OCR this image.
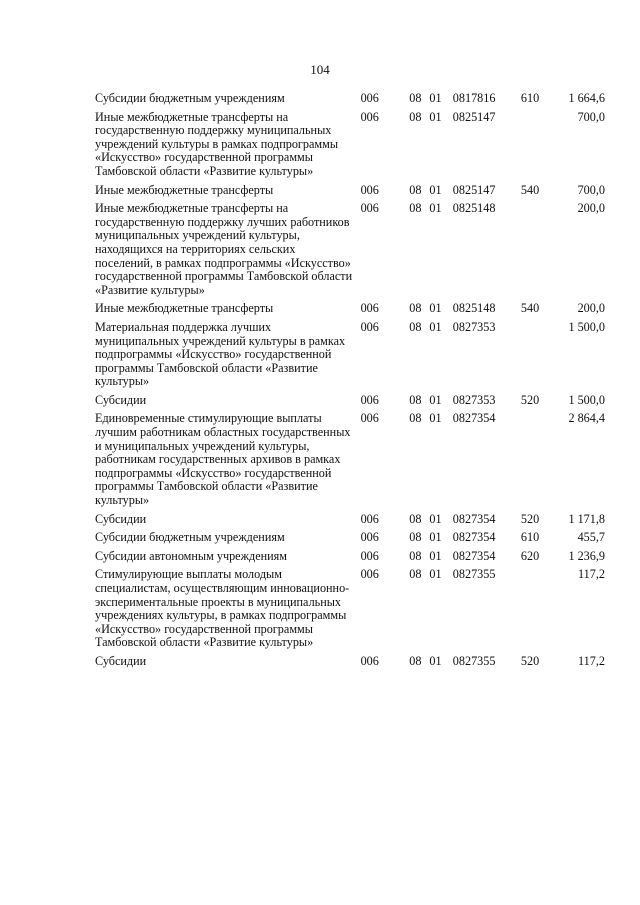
104
Субсидии бюджетным учреждениям	006	08 01	0817816	610	1 664,6
Иные межбюджетные трансферты на государственную поддержку муниципальных учреждений культуры в рамках подпрограммы «Искусство» государственной программы Тамбовской области «Развитие культуры»	006	08 01	0825147		700,0
Иные межбюджетные трансферты	006	08 01	0825147	540	700,0
Иные межбюджетные трансферты на государственную поддержку лучших работников муниципальных учреждений культуры, находящихся на территориях сельских поселений, в рамках подпрограммы «Искусство» государственной программы Тамбовской области «Развитие культуры»	006	08 01	0825148		200,0
Иные межбюджетные трансферты	006	08 01	0825148	540	200,0
Материальная поддержка лучших муниципальных учреждений культуры в рамках подпрограммы «Искусство» государственной программы Тамбовской области «Развитие культуры»	006	08 01	0827353		1 500,0
Субсидии	006	08 01	0827353	520	1 500,0
Единовременные стимулирующие выплаты лучшим работникам областных государственных и муниципальных учреждений культуры, работникам государственных архивов в рамках подпрограммы «Искусство» государственной программы Тамбовской области «Развитие культуры»	006	08 01	0827354		2 864,4
Субсидии	006	08 01	0827354	520	1 171,8
Субсидии бюджетным учреждениям	006	08 01	0827354	610	455,7
Субсидии автономным учреждениям	006	08 01	0827354	620	1 236,9
Стимулирующие выплаты молодым специалистам, осуществляющим инновационно-экспериментальные проекты в муниципальных учреждениях культуры, в рамках подпрограммы «Искусство» государственной программы Тамбовской области «Развитие культуры»	006	08 01	0827355		117,2
Субсидии	006	08 01	0827355	520	117,2
